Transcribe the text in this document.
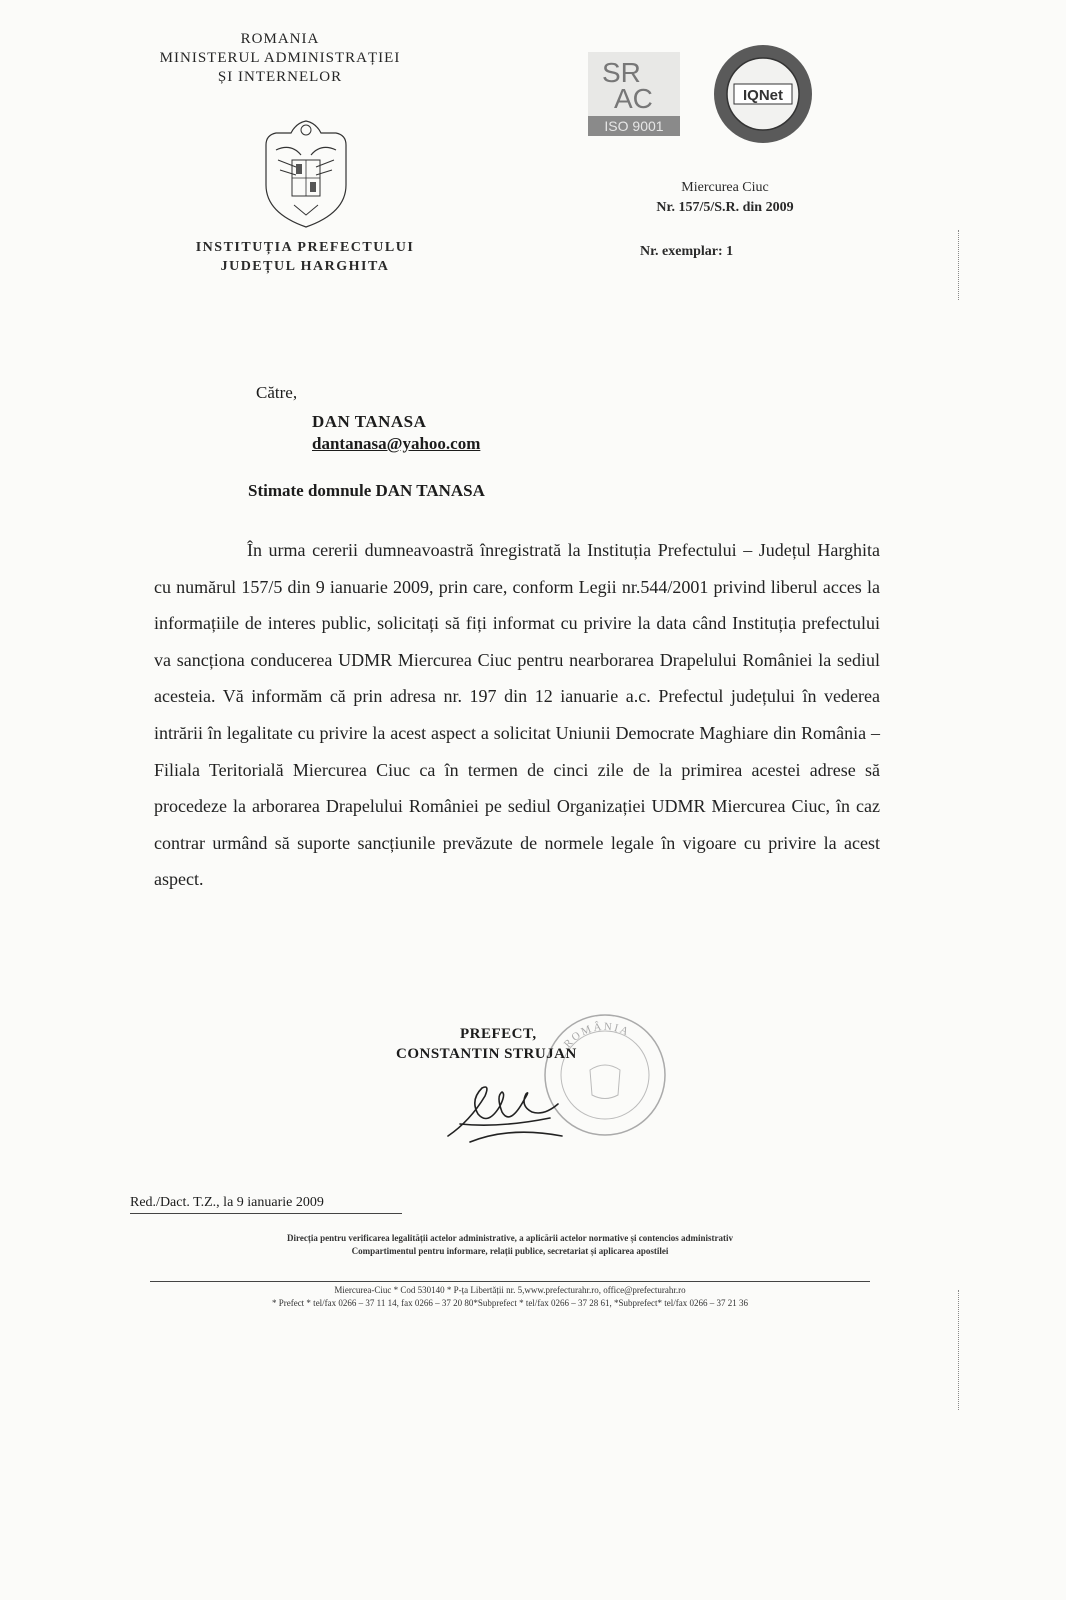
ROMANIA
MINISTERUL ADMINISTRAȚIEI
ȘI INTERNELOR
INSTITUȚIA PREFECTULUI
JUDEȚUL HARGHITA
SR
AC
ISO 9001
IQNet
Miercurea Ciuc
Nr. 157/5/S.R. din 2009
Nr. exemplar: 1
Către,
DAN TANASA
dantanasa@yahoo.com
Stimate domnule DAN TANASA

În urma cererii dumneavoastră înregistrată la Instituția Prefectului – Județul Harghita cu numărul 157/5 din 9 ianuarie 2009, prin care, conform Legii nr.544/2001 privind liberul acces la informațiile de interes public, solicitați să fiți informat cu privire la data când Instituția prefectului va sancționa conducerea UDMR Miercurea Ciuc pentru nearborarea Drapelului României la sediul acesteia. Vă informăm că prin adresa nr. 197 din 12 ianuarie a.c. Prefectul județului în vederea intrării în legalitate cu privire la acest aspect a solicitat Uniunii Democrate Maghiare din România – Filiala Teritorială Miercurea Ciuc ca în termen de cinci zile de la primirea acestei adrese să procedeze la arborarea Drapelului României pe sediul Organizației UDMR Miercurea Ciuc, în caz contrar urmând să suporte sancțiunile prevăzute de normele legale în vigoare cu privire la acest aspect.

ROMÂNIA
PREFECT,
CONSTANTIN STRUJAN
Red./Dact. T.Z., la 9 ianuarie 2009
Direcția pentru verificarea legalității actelor administrative, a aplicării actelor normative și contencios administrativ
Compartimentul pentru informare, relații publice, secretariat și aplicarea apostilei
Miercurea-Ciuc * Cod 530140 * P-ța Libertății nr. 5,www.prefecturahr.ro, office@prefecturahr.ro
* Prefect * tel/fax 0266 – 37 11 14, fax 0266 – 37 20 80*Subprefect * tel/fax 0266 – 37 28 61, *Subprefect* tel/fax 0266 – 37 21 36
